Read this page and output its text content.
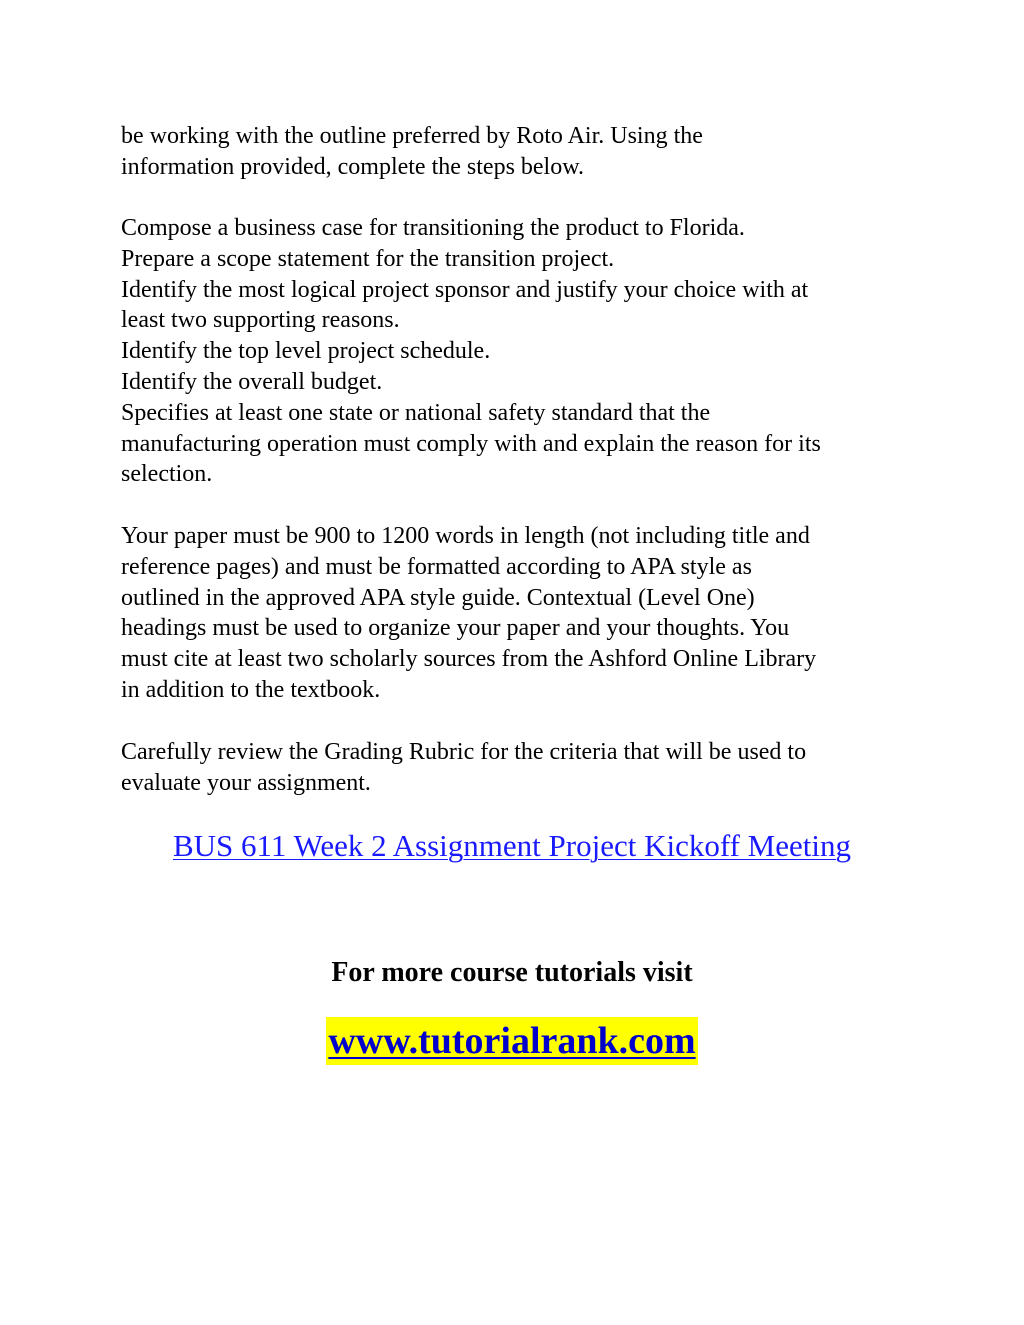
be working with the outline preferred by Roto Air. Using the
information provided, complete the steps below.

Compose a business case for transitioning the product to Florida.
Prepare a scope statement for the transition project.
Identify the most logical project sponsor and justify your choice with at
least two supporting reasons.
Identify the top level project schedule.
Identify the overall budget.
Specifies at least one state or national safety standard that the
manufacturing operation must comply with and explain the reason for its
selection.

Your paper must be 900 to 1200 words in length (not including title and
reference pages) and must be formatted according to APA style as
outlined in the approved APA style guide. Contextual (Level One)
headings must be used to organize your paper and your thoughts. You
must cite at least two scholarly sources from the Ashford Online Library
in addition to the textbook.

Carefully review the Grading Rubric for the criteria that will be used to
evaluate your assignment.

BUS 611 Week 2 Assignment Project Kickoff Meeting
For more course tutorials visit
www.tutorialrank.com
